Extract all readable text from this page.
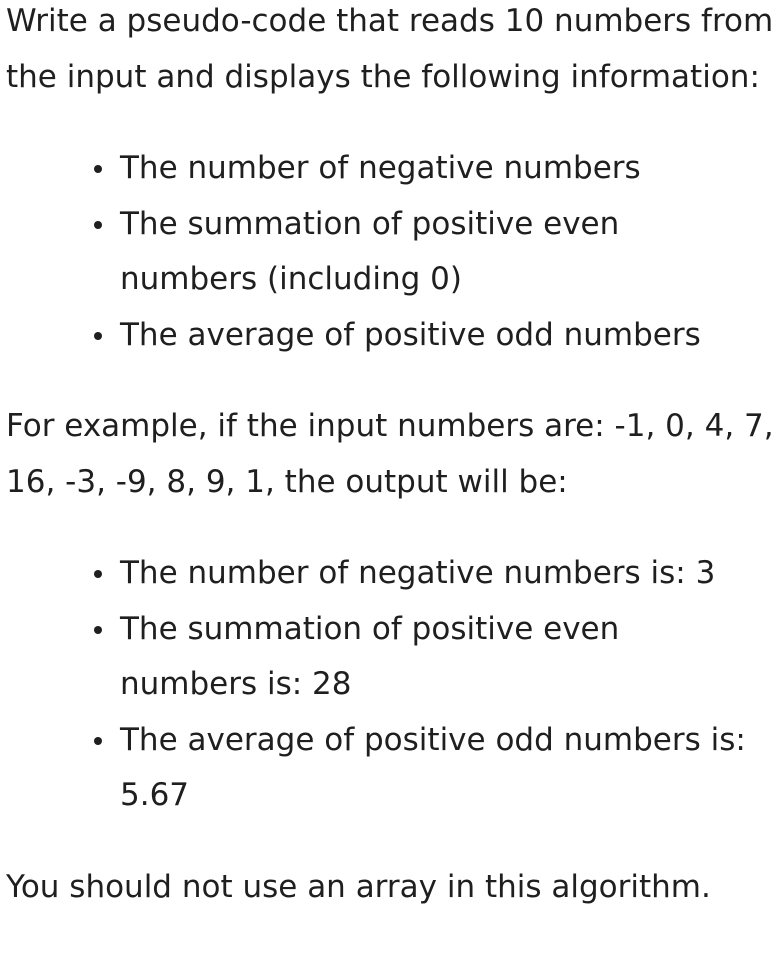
Write a pseudo-code that reads 10 numbers from the input and displays the following information:

The number of negative numbers
The summation of positive even numbers (including 0)
The average of positive odd numbers

For example, if the input numbers are: -1, 0, 4, 7, 16, -3, -9, 8, 9, 1, the output will be:

The number of negative numbers is: 3
The summation of positive even numbers is: 28
The average of positive odd numbers is: 5.67

You should not use an array in this algorithm.
